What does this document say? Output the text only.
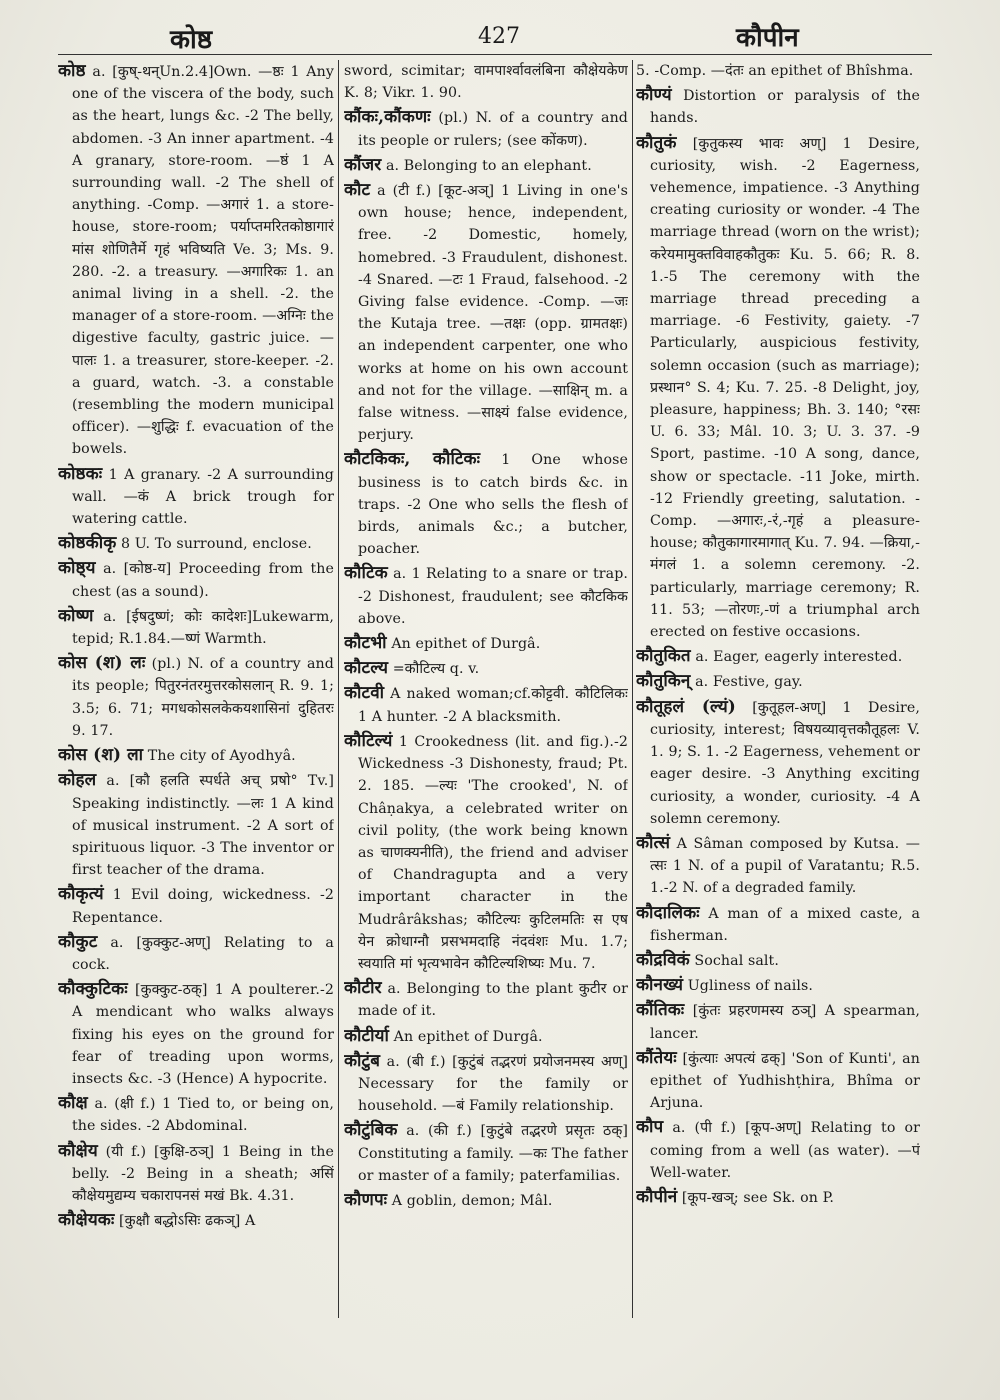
कोष्ठ	427	कौपीन

कोष्ठ a. [कुष्-थन्Un.2.4]Own. —ष्ठः 1 Any one of the viscera of the body, such as the heart, lungs &c. -2 The belly, abdomen. -3 An inner apartment. -4 A granary, store-room. —ष्ठं 1 A surrounding wall. -2 The shell of anything. -Comp. —अगारं 1. a store-house, store-room; पर्याप्तमरितकोष्ठागारं मांस शोणितैर्मे गृहं भविष्यति Ve. 3; Ms. 9. 280. -2. a treasury. —अगारिकः 1. an animal living in a shell. -2. the manager of a store-room. —अग्निः the digestive faculty, gastric juice. —पालः 1. a treasurer, store-keeper. -2. a guard, watch. -3. a constable (resembling the modern municipal officer). —शुद्धिः f. evacuation of the bowels.

कोष्ठकः 1 A granary. -2 A surrounding wall. —कं A brick trough for watering cattle.

कोष्ठकीकृ 8 U. To surround, enclose.

कोष्ठ्य a. [कोष्ठ-य] Proceeding from the chest (as a sound).

कोष्ण a. [ईषदुष्णं; कोः कादेशः]Lukewarm, tepid; R.1.84.—ष्णं Warmth.

कोस (श) लः (pl.) N. of a country and its people; पितुरनंतरमुत्तरकोसलान् R. 9. 1; 3.5; 6. 71; मगधकोसलकेकयशासिनां दुहितरः 9. 17.

कोस (श) ला The city of Ayodhyâ.

कोहल a. [कौ हलति स्पर्धते अच् प्रषो° Tv.] Speaking indistinctly. —लः 1 A kind of musical instrument. -2 A sort of spirituous liquor. -3 The inventor or first teacher of the drama.

कौकृत्यं 1 Evil doing, wickedness. -2 Repentance.

कौकुट a. [कुक्कुट-अण्] Relating to a cock.

कौक्कुटिकः [कुक्कुट-ठक्] 1 A poulterer.-2 A mendicant who walks always fixing his eyes on the ground for fear of treading upon worms, insects &c. -3 (Hence) A hypocrite.

कौक्ष a. (क्षी f.) 1 Tied to, or being on, the sides. -2 Abdominal.

कौक्षेय (यी f.) [कुक्षि-ठञ्] 1 Being in the belly. -2 Being in a sheath; असिं कौक्षेयमुद्यम्य चकारापनसं मखं Bk. 4.31.

कौक्षेयकः [कुक्षौ बद्धोऽसिः ढकञ्] A

sword, scimitar; वामपार्श्वावलंबिना कौक्षेयकेण K. 8; Vikr. 1. 90.

कौंकः,कौंकणः (pl.) N. of a country and its people or rulers; (see कोंकण).

कौंजर a. Belonging to an elephant.

कौट a (टी f.) [कूट-अञ्] 1 Living in one's own house; hence, independent, free. -2 Domestic, homely, homebred. -3 Fraudulent, dishonest. -4 Snared. —टः 1 Fraud, falsehood. -2 Giving false evidence. -Comp. —जः the Kutaja tree. —तक्षः (opp. ग्रामतक्षः) an independent carpenter, one who works at home on his own account and not for the village. —साक्षिन् m. a false witness. —साक्ष्यं false evidence, perjury.

कौटकिकः, कौटिकः 1 One whose business is to catch birds &c. in traps. -2 One who sells the flesh of birds, animals &c.; a butcher, poacher.

कौटिक a. 1 Relating to a snare or trap. -2 Dishonest, fraudulent; see कौटकिक above.

कौटभी An epithet of Durgâ.

कौटल्य =कौटिल्य q. v.

कौटवी A naked woman;cf.कोट्टवी. कौटिलिकः 1 A hunter. -2 A blacksmith.

कौटिल्यं 1 Crookedness (lit. and fig.).-2 Wickedness -3 Dishonesty, fraud; Pt. 2. 185. —ल्यः 'The crooked', N. of Châṇakya, a celebrated writer on civil polity, (the work being known as चाणक्यनीति), the friend and adviser of Chandragupta and a very important character in the Mudrârâkshas; कौटिल्यः कुटिलमतिः स एष येन क्रोधाग्नौ प्रसभमदाहि नंदवंशः Mu. 1.7; स्वयाति मां भृत्यभावेन कौटिल्यशिष्यः Mu. 7.

कौटीर a. Belonging to the plant कुटीर or made of it.

कौटीर्या An epithet of Durgâ.

कौटुंब a. (बी f.) [कुटुंबं तद्भरणं प्रयोजनमस्य अण्] Necessary for the family or household. —बं Family relationship.

कौटुंबिक a. (की f.) [कुटुंबे तद्भरणे प्रसृतः ठक्] Constituting a family. —कः The father or master of a family; paterfamilias.

कौणपः A goblin, demon; Mâl.

5. -Comp. —दंतः an epithet of Bhîshma.

कौण्यं Distortion or paralysis of the hands.

कौतुकं [कुतुकस्य भावः अण्] 1 Desire, curiosity, wish. -2 Eagerness, vehemence, impatience. -3 Anything creating curiosity or wonder. -4 The marriage thread (worn on the wrist); करेयमामुक्तविवाहकौतुकः Ku. 5. 66; R. 8. 1.-5 The ceremony with the marriage thread preceding a marriage. -6 Festivity, gaiety. -7 Particularly, auspicious festivity, solemn occasion (such as marriage); प्रस्थान° S. 4; Ku. 7. 25. -8 Delight, joy, pleasure, happiness; Bh. 3. 140; °रसः U. 6. 33; Mâl. 10. 3; U. 3. 37. -9 Sport, pastime. -10 A song, dance, show or spectacle. -11 Joke, mirth. -12 Friendly greeting, salutation. -Comp. —अगारः,-रं,-गृहं a pleasure-house; कौतुकागारमागात् Ku. 7. 94. —क्रिया,-मंगलं 1. a solemn ceremony. -2. particularly, marriage ceremony; R. 11. 53; —तोरणः,-णं a triumphal arch erected on festive occasions.

कौतुकित a. Eager, eagerly interested.

कौतुकिन् a. Festive, gay.

कौतूहलं (ल्यं) [कुतूहल-अण्] 1 Desire, curiosity, interest; विषयव्यावृत्तकौतूहलः V. 1. 9; S. 1. -2 Eagerness, vehement or eager desire. -3 Anything exciting curiosity, a wonder, curiosity. -4 A solemn ceremony.

कौत्सं A Sâman composed by Kutsa. —त्सः 1 N. of a pupil of Varatantu; R.5. 1.-2 N. of a degraded family.

कौदालिकः A man of a mixed caste, a fisherman.

कौद्रविकं Sochal salt.

कौनख्यं Ugliness of nails.

कौंतिकः [कुंतः प्रहरणमस्य ठञ्] A spearman, lancer.

कौंतेयः [कुंत्याः अपत्यं ढक्] 'Son of Kunti', an epithet of Yudhishṭhira, Bhîma or Arjuna.

कौप a. (पी f.) [कूप-अण्] Relating to or coming from a well (as water). —पं Well-water.

कौपीनं [कूप-खञ्; see Sk. on P.
